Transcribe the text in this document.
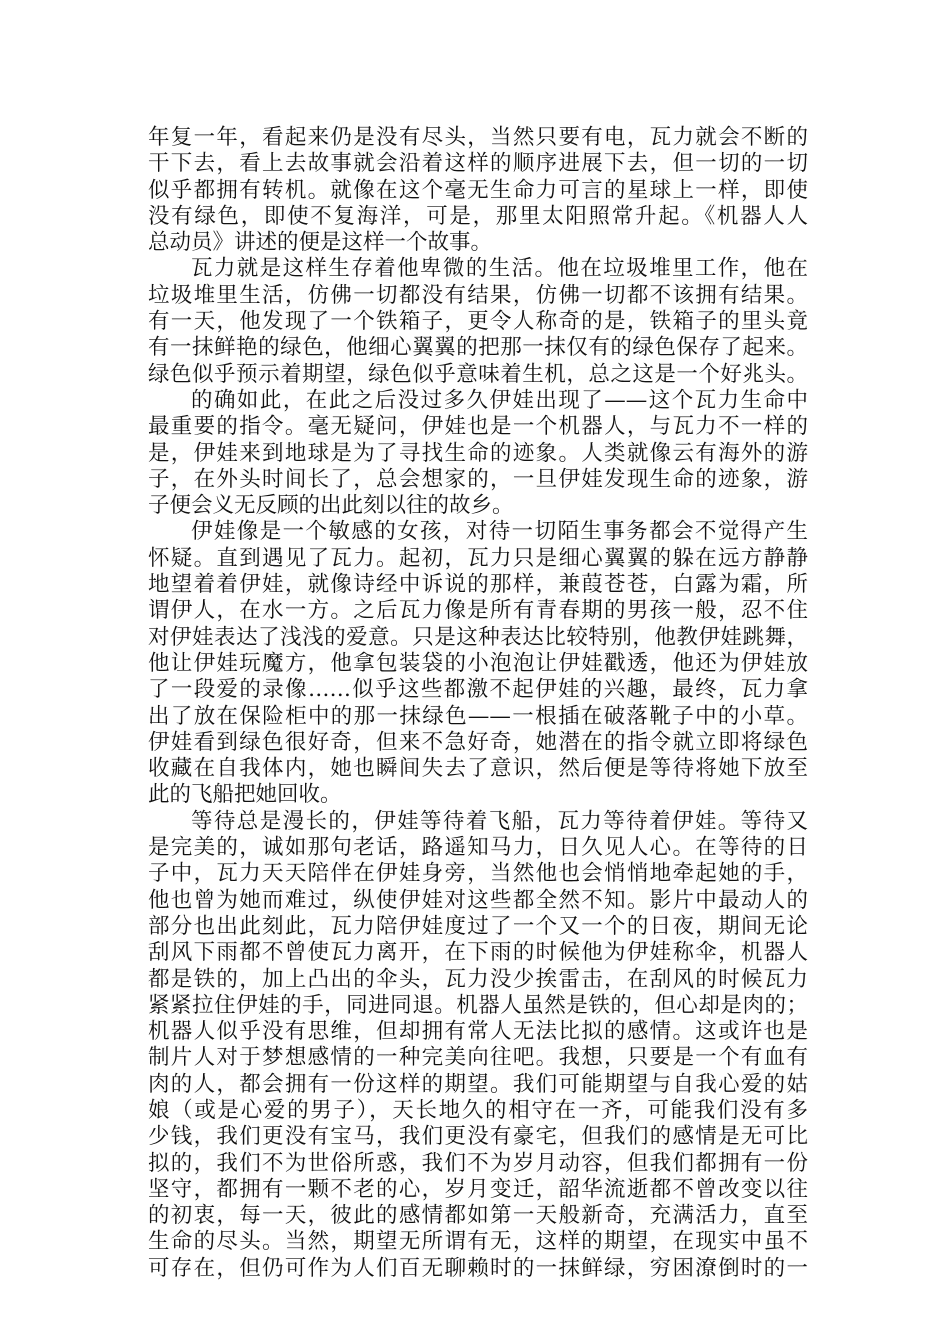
年复一年，看起来仍是没有尽头，当然只要有电，瓦力就会不断的
干下去，看上去故事就会沿着这样的顺序进展下去，但一切的一切
似乎都拥有转机。就像在这个毫无生命力可言的星球上一样，即使
没有绿色，即使不复海洋，可是，那里太阳照常升起。《机器人人
总动员》讲述的便是这样一个故事。
瓦力就是这样生存着他卑微的生活。他在垃圾堆里工作，他在
垃圾堆里生活，仿佛一切都没有结果，仿佛一切都不该拥有结果。
有一天，他发现了一个铁箱子，更令人称奇的是，铁箱子的里头竟
有一抹鲜艳的绿色，他细心翼翼的把那一抹仅有的绿色保存了起来。
绿色似乎预示着期望，绿色似乎意味着生机，总之这是一个好兆头。
的确如此，在此之后没过多久伊娃出现了——这个瓦力生命中
最重要的指令。毫无疑问，伊娃也是一个机器人，与瓦力不一样的
是，伊娃来到地球是为了寻找生命的迹象。人类就像云有海外的游
子，在外头时间长了，总会想家的，一旦伊娃发现生命的迹象，游
子便会义无反顾的出此刻以往的故乡。
伊娃像是一个敏感的女孩，对待一切陌生事务都会不觉得产生
怀疑。直到遇见了瓦力。起初，瓦力只是细心翼翼的躲在远方静静
地望着着伊娃，就像诗经中诉说的那样，兼葭苍苍，白露为霜，所
谓伊人，在水一方。之后瓦力像是所有青春期的男孩一般，忍不住
对伊娃表达了浅浅的爱意。只是这种表达比较特别，他教伊娃跳舞，
他让伊娃玩魔方，他拿包装袋的小泡泡让伊娃戳透，他还为伊娃放
了一段爱的录像……似乎这些都激不起伊娃的兴趣，最终，瓦力拿
出了放在保险柜中的那一抹绿色——一根插在破落靴子中的小草。
伊娃看到绿色很好奇，但来不急好奇，她潜在的指令就立即将绿色
收藏在自我体内，她也瞬间失去了意识，然后便是等待将她下放至
此的飞船把她回收。
等待总是漫长的，伊娃等待着飞船，瓦力等待着伊娃。等待又
是完美的，诚如那句老话，路遥知马力，日久见人心。在等待的日
子中，瓦力天天陪伴在伊娃身旁，当然他也会悄悄地牵起她的手，
他也曾为她而难过，纵使伊娃对这些都全然不知。影片中最动人的
部分也出此刻此，瓦力陪伊娃度过了一个又一个的日夜，期间无论
刮风下雨都不曾使瓦力离开，在下雨的时候他为伊娃称伞，机器人
都是铁的，加上凸出的伞头，瓦力没少挨雷击，在刮风的时候瓦力
紧紧拉住伊娃的手，同进同退。机器人虽然是铁的，但心却是肉的；
机器人似乎没有思维，但却拥有常人无法比拟的感情。这或许也是
制片人对于梦想感情的一种完美向往吧。我想，只要是一个有血有
肉的人，都会拥有一份这样的期望。我们可能期望与自我心爱的姑
娘（或是心爱的男子），天长地久的相守在一齐，可能我们没有多
少钱，我们更没有宝马，我们更没有豪宅，但我们的感情是无可比
拟的，我们不为世俗所惑，我们不为岁月动容，但我们都拥有一份
坚守，都拥有一颗不老的心，岁月变迁，韶华流逝都不曾改变以往
的初衷，每一天，彼此的感情都如第一天般新奇，充满活力，直至
生命的尽头。当然，期望无所谓有无，这样的期望，在现实中虽不
可存在，但仍可作为人们百无聊赖时的一抹鲜绿，穷困潦倒时的一
